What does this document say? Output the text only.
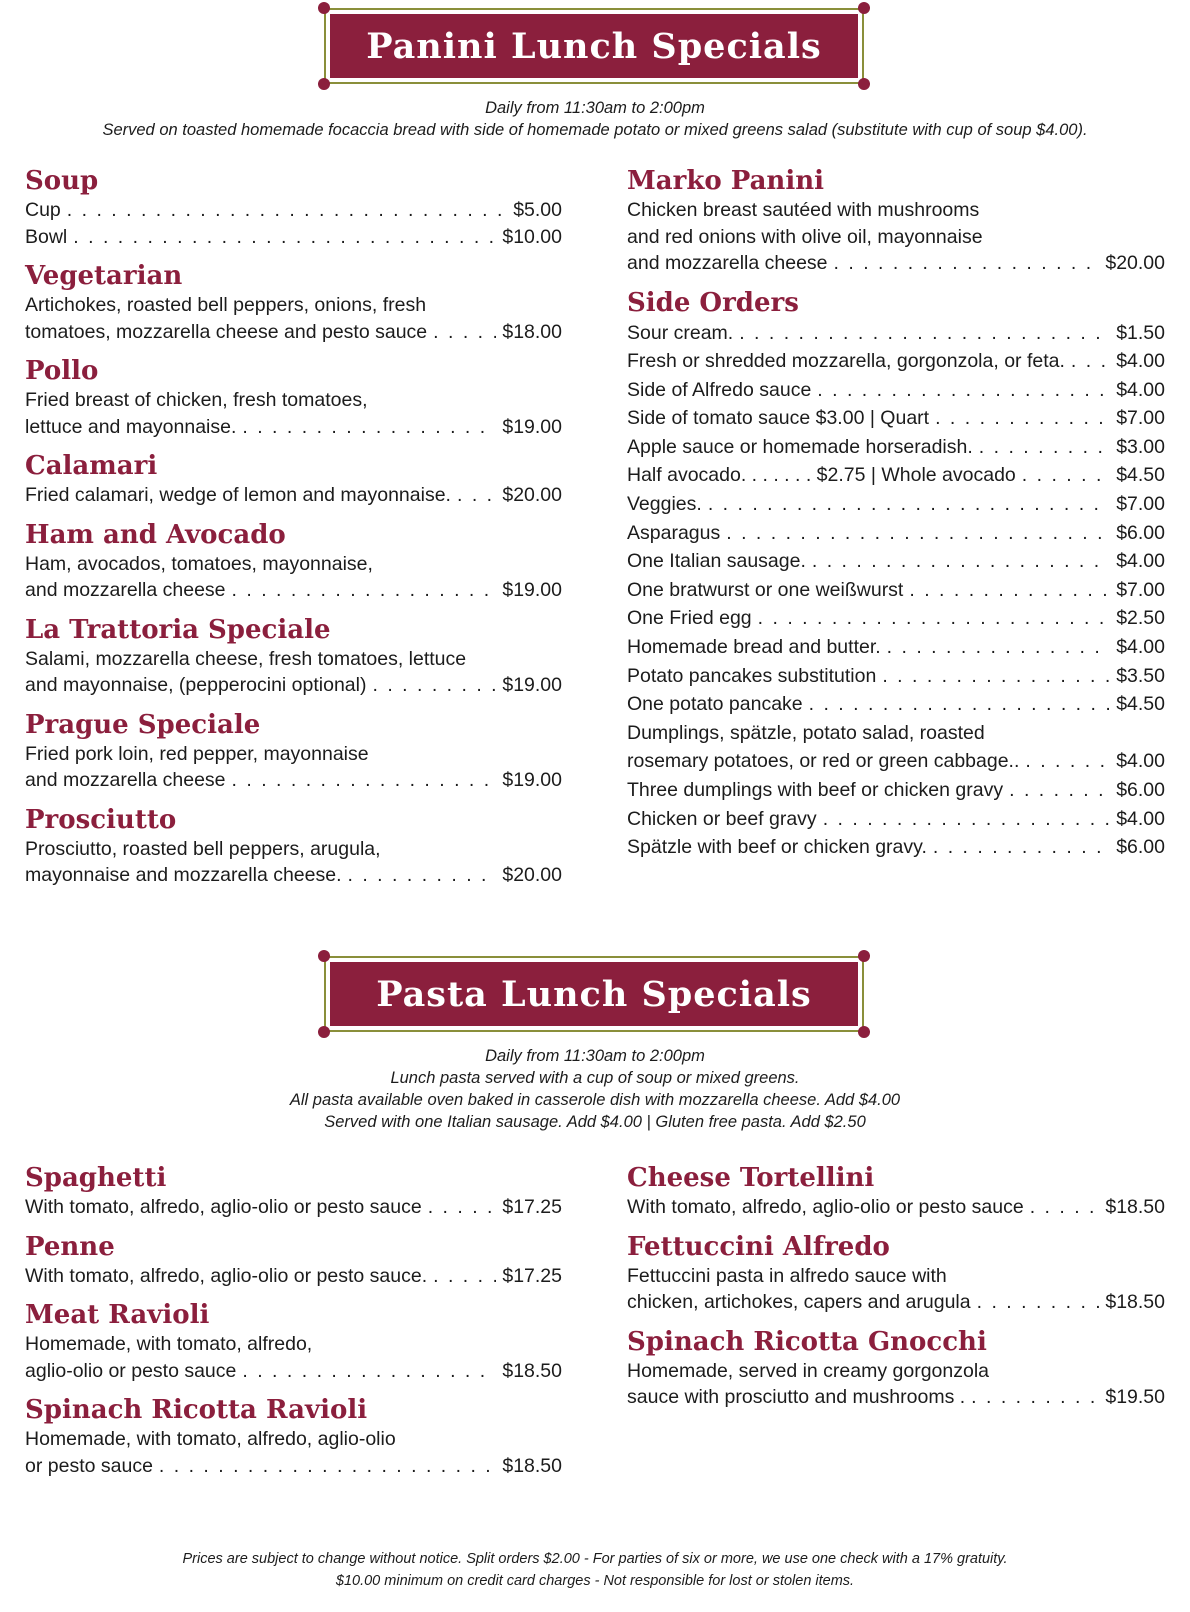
Panini Lunch Specials
Daily from 11:30am to 2:00pm
Served on toasted homemade focaccia bread with side of homemade potato or mixed greens salad (substitute with cup of soup $4.00).
Soup
Cup . . .	$5.00
Bowl . . .	$10.00
Vegetarian
Artichokes, roasted bell peppers, onions, fresh
tomatoes, mozzarella cheese and pesto sauce . . .	$18.00
Pollo
Fried breast of chicken, fresh tomatoes,
lettuce and mayonnaise. . . .	$19.00
Calamari
Fried calamari, wedge of lemon and mayonnaise. . . .	$20.00
Ham and Avocado
Ham, avocados, tomatoes, mayonnaise,
and mozzarella cheese . . .	$19.00
La Trattoria Speciale
Salami, mozzarella cheese, fresh tomatoes, lettuce
and mayonnaise, (pepperocini optional) . . .	$19.00
Prague Speciale
Fried pork loin, red pepper, mayonnaise
and mozzarella cheese . . .	$19.00
Prosciutto
Prosciutto, roasted bell peppers, arugula,
mayonnaise and mozzarella cheese. . . .	$20.00
Marko Panini
Chicken breast sautéed with mushrooms
and red onions with olive oil, mayonnaise
and mozzarella cheese . . .	$20.00
Side Orders
Sour cream. . . .	$1.50
Fresh or shredded mozzarella, gorgonzola, or feta. . . .	$4.00
Side of Alfredo sauce . . .	$4.00
Side of tomato sauce $3.00 | Quart . . .	$7.00
Apple sauce or homemade horseradish. . . .	$3.00
Half avocado. . . . . . . $2.75 | Whole avocado . . .	$4.50
Veggies. . . .	$7.00
Asparagus . . .	$6.00
One Italian sausage. . . .	$4.00
One bratwurst or one weißwurst . . .	$7.00
One Fried egg . . .	$2.50
Homemade bread and butter. . . .	$4.00
Potato pancakes substitution . . .	$3.50
One potato pancake . . .	$4.50
Dumplings, spätzle, potato salad, roasted
rosemary potatoes, or red or green cabbage.. . . .	$4.00
Three dumplings with beef or chicken gravy . . .	$6.00
Chicken or beef gravy . . .	$4.00
Spätzle with beef or chicken gravy. . . .	$6.00
Pasta Lunch Specials
Daily from 11:30am to 2:00pm
Lunch pasta served with a cup of soup or mixed greens.
All pasta available oven baked in casserole dish with mozzarella cheese. Add $4.00
Served with one Italian sausage. Add $4.00 | Gluten free pasta. Add $2.50
Spaghetti
With tomato, alfredo, aglio-olio or pesto sauce . . .	$17.25
Penne
With tomato, alfredo, aglio-olio or pesto sauce. . . .	$17.25
Meat Ravioli
Homemade, with tomato, alfredo,
aglio-olio or pesto sauce . . .	$18.50
Spinach Ricotta Ravioli
Homemade, with tomato, alfredo, aglio-olio
or pesto sauce . . .	$18.50
Cheese Tortellini
With tomato, alfredo, aglio-olio or pesto sauce . . .	$18.50
Fettuccini Alfredo
Fettuccini pasta in alfredo sauce with
chicken, artichokes, capers and arugula . . .	$18.50
Spinach Ricotta Gnocchi
Homemade, served in creamy gorgonzola
sauce with prosciutto and mushrooms . . . .	$19.50
Prices are subject to change without notice. Split orders $2.00 - For parties of six or more, we use one check with a 17% gratuity.
$10.00 minimum on credit card charges - Not responsible for lost or stolen items.
